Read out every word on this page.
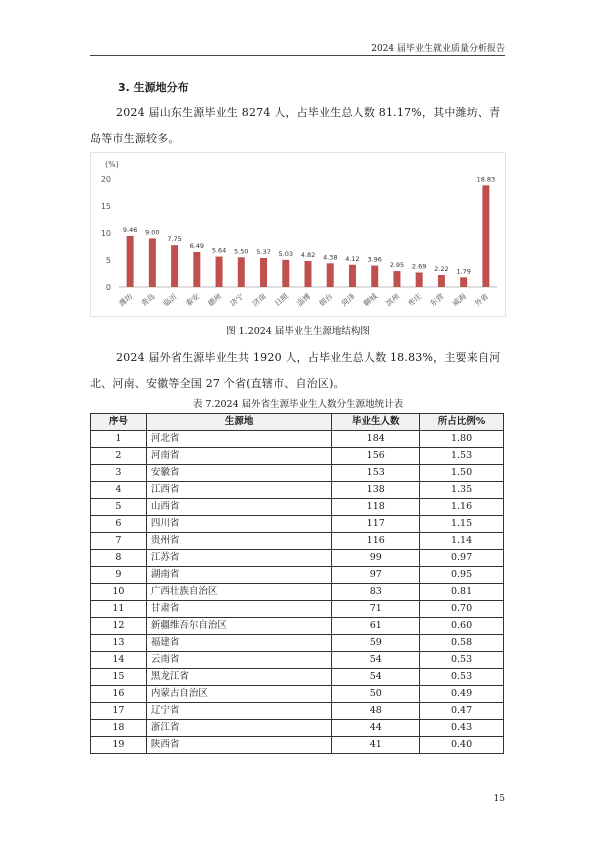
2024 届毕业生就业质量分析报告
3. 生源地分布

2024 届山东生源毕业生 8274 人，占毕业生总人数 81.17%，其中潍坊、青岛等市生源较多。

(%)
0
5
10
15
20
9.46
潍坊
9.00
青岛
7.75
临沂
6.49
泰安
5.64
德州
5.50
济宁
5.37
济南
5.03
日照
4.82
淄博
4.38
烟台
4.12
菏泽
3.96
聊城
2.95
滨州
2.69
枣庄
2.22
东营
1.79
威海
18.83
外省
图 1.2024 届毕业生生源地结构图

2024 届外省生源毕业生共 1920 人，占毕业生总人数 18.83%，主要来自河北、河南、安徽等全国 27 个省(直辖市、自治区)。

表 7.2024 届外省生源毕业生人数分生源地统计表
序号	生源地	毕业生人数	所占比例%
1	河北省	184	1.80
2	河南省	156	1.53
3	安徽省	153	1.50
4	江西省	138	1.35
5	山西省	118	1.16
6	四川省	117	1.15
7	贵州省	116	1.14
8	江苏省	99	0.97
9	湖南省	97	0.95
10	广西壮族自治区	83	0.81
11	甘肃省	71	0.70
12	新疆维吾尔自治区	61	0.60
13	福建省	59	0.58
14	云南省	54	0.53
15	黑龙江省	54	0.53
16	内蒙古自治区	50	0.49
17	辽宁省	48	0.47
18	浙江省	44	0.43
19	陕西省	41	0.40
15
